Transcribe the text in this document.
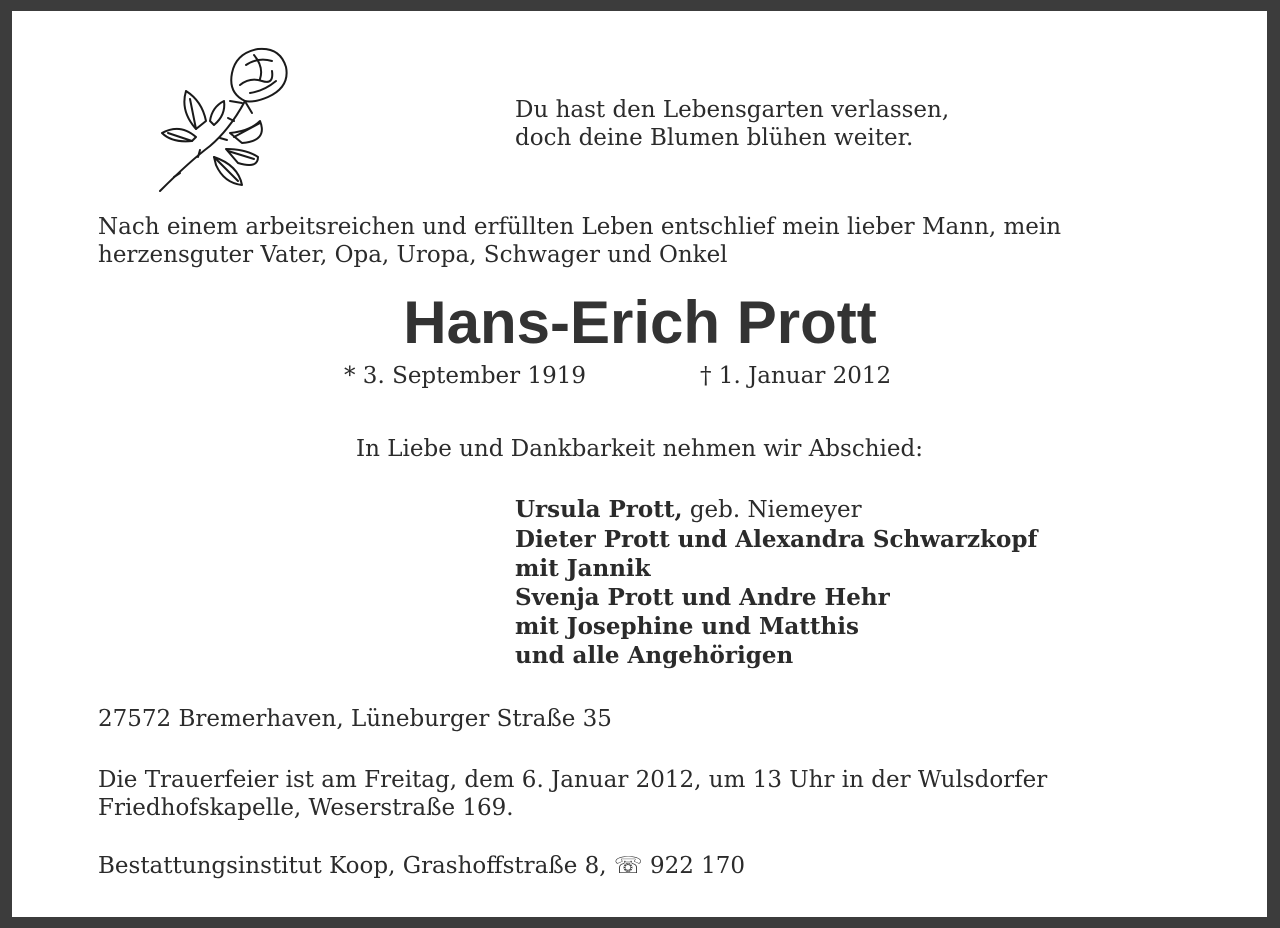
Du hast den Lebensgarten verlassen,
doch deine Blumen blühen weiter.
Nach einem arbeitsreichen und erfüllten Leben entschlief mein lieber Mann, mein
herzensguter Vater, Opa, Uropa, Schwager und Onkel
In Liebe und Dankbarkeit nehmen wir Abschied:
Ursula Prott, geb. Niemeyer
Dieter Prott und Alexandra Schwarzkopf
mit Jannik
Svenja Prott und Andre Hehr
mit Josephine und Matthis
und alle Angehörigen
27572 Bremerhaven, Lüneburger Straße 35
Die Trauerfeier ist am Freitag, dem 6. Januar 2012, um 13 Uhr in der Wulsdorfer
Friedhofskapelle, Weserstraße 169.
Bestattungsinstitut Koop, Grashoffstraße 8, ☏ 922 170
Hans-Erich Prott
* 3. September 1919	† 1. Januar 2012
